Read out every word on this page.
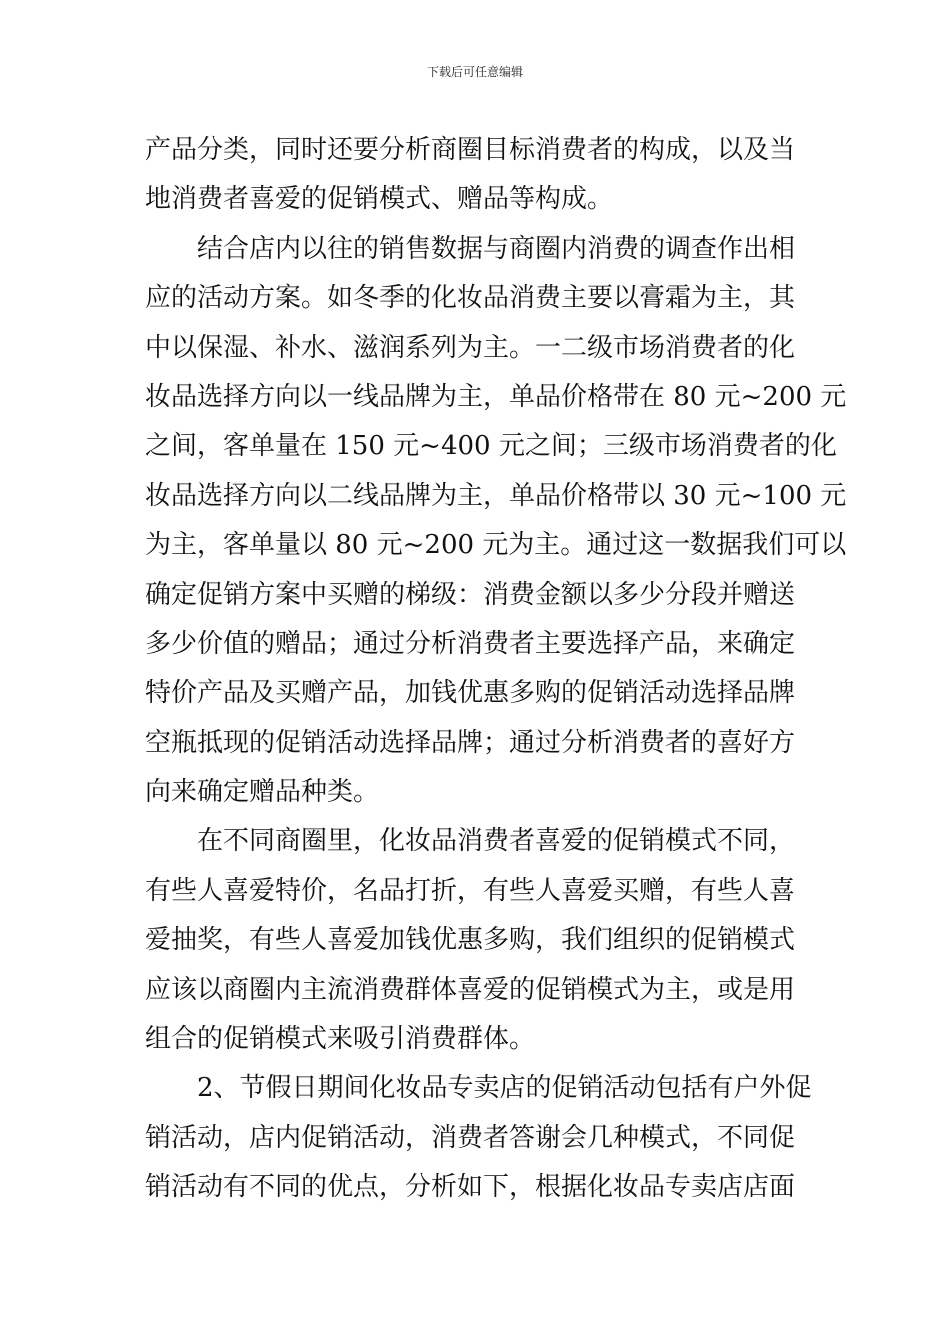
下载后可任意编辑
产品分类，同时还要分析商圈目标消费者的构成，以及当
地消费者喜爱的促销模式、赠品等构成。
结合店内以往的销售数据与商圈内消费的调查作出相
应的活动方案。如冬季的化妆品消费主要以膏霜为主，其
中以保湿、补水、滋润系列为主。一二级市场消费者的化
妆品选择方向以一线品牌为主，单品价格带在 80 元~200 元
之间，客单量在 150 元~400 元之间；三级市场消费者的化
妆品选择方向以二线品牌为主，单品价格带以 30 元~100 元
为主，客单量以 80 元~200 元为主。通过这一数据我们可以
确定促销方案中买赠的梯级：消费金额以多少分段并赠送
多少价值的赠品；通过分析消费者主要选择产品，来确定
特价产品及买赠产品，加钱优惠多购的促销活动选择品牌
空瓶抵现的促销活动选择品牌；通过分析消费者的喜好方
向来确定赠品种类。
在不同商圈里，化妆品消费者喜爱的促销模式不同，
有些人喜爱特价，名品打折，有些人喜爱买赠，有些人喜
爱抽奖，有些人喜爱加钱优惠多购，我们组织的促销模式
应该以商圈内主流消费群体喜爱的促销模式为主，或是用
组合的促销模式来吸引消费群体。
2、节假日期间化妆品专卖店的促销活动包括有户外促
销活动，店内促销活动，消费者答谢会几种模式，不同促
销活动有不同的优点，分析如下，根据化妆品专卖店店面
